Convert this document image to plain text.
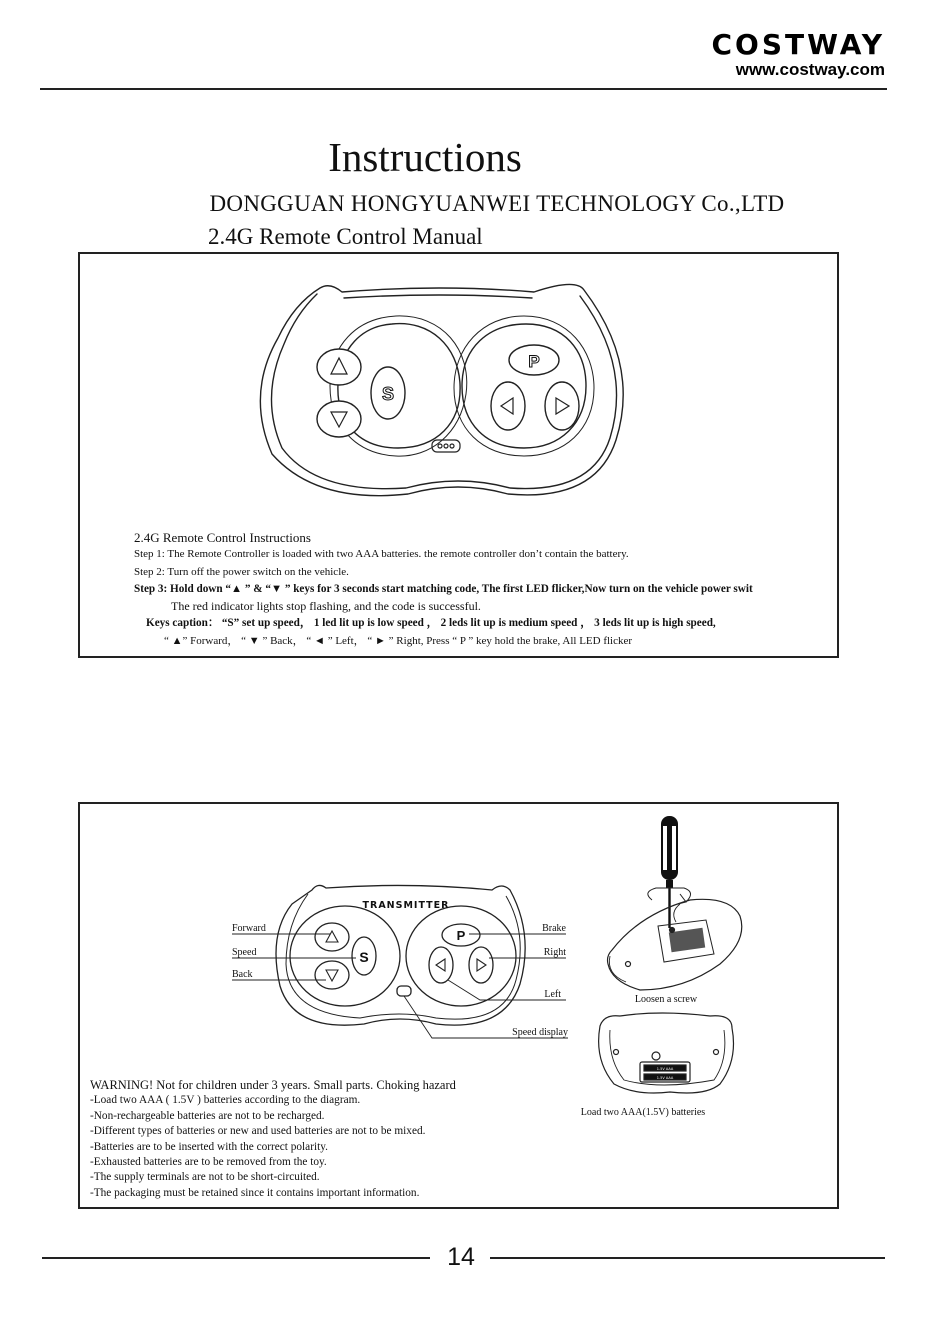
COSTWAY
www.costway.com
Instructions
DONGGUAN HONGYUANWEI TECHNOLOGY Co.,LTD
2.4G Remote Control Manual
S
P
2.4G Remote Control Instructions
Step 1: The Remote Controller is loaded with two AAA batteries. the remote controller don’t contain the battery.
Step 2: Turn off the power switch on the vehicle.
Step 3: Hold down “▲ ” & “▼ ” keys for 3 seconds start matching code, The first LED flicker,Now turn on the vehicle power swit
The red indicator lights stop flashing, and the code is successful.
Keys caption： “S” set up speed， 1 led lit up is low speed ， 2 leds lit up is medium speed ， 3 leds lit up is high speed,
“ ▲” Forward， “ ▼ ” Back， “ ◄ ” Left， “ ► ” Right, Press “ P ” key hold the brake, All LED flicker
TRANSMITTER
S
P
Forward
Speed
Back
Brake
Right
Left
Speed display
Loosen a screw
1.5V AAA
1.5V AAA
Load two AAA(1.5V) batteries
WARNING! Not for children under 3 years. Small parts. Choking hazard
-Load two AAA ( 1.5V ) batteries according to the diagram.
-Non-rechargeable batteries are not to be recharged.
-Different types of batteries or new and used batteries are not to be mixed.
-Batteries are to be inserted with the correct polarity.
-Exhausted batteries are to be removed from the toy.
-The supply terminals are not to be short-circuited.
-The packaging must be retained since it contains important information.
14
